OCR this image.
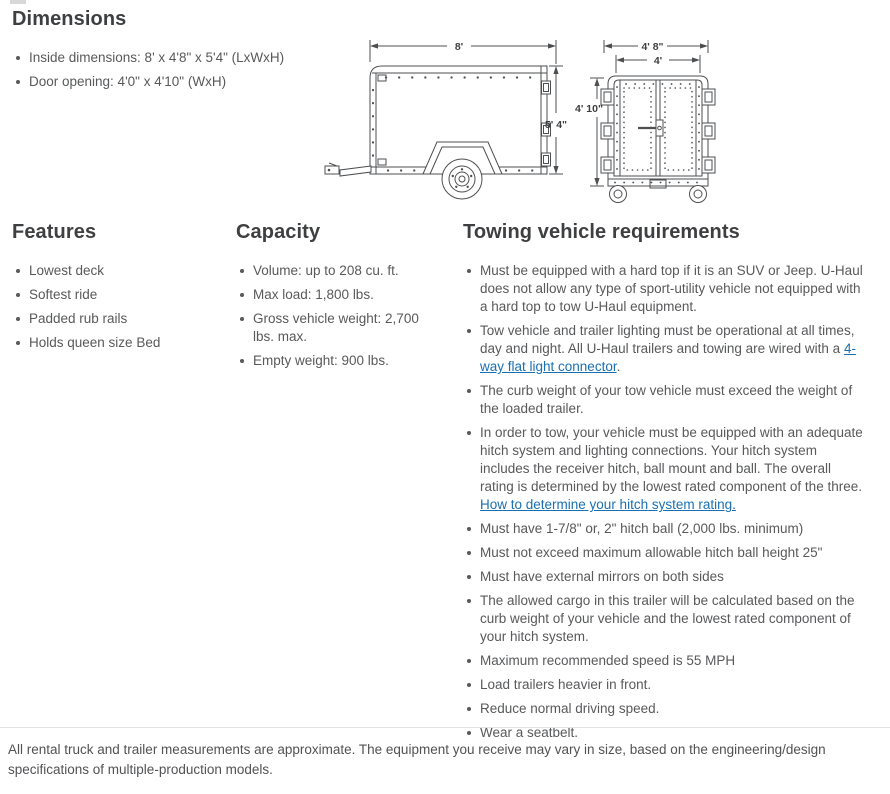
Dimensions
Inside dimensions: 8' x 4'8" x 5'4" (LxWxH)
Door opening: 4'0" x 4'10" (WxH)
8'
5' 4"
4' 8"
4'
4' 10"
Features	Capacity	Towing vehicle requirements
Lowest deck
Softest ride
Padded rub rails
Holds queen size Bed
Volume: up to 208 cu. ft.
Max load: 1,800 lbs.
Gross vehicle weight: 2,700 lbs. max.
Empty weight: 900 lbs.
Must be equipped with a hard top if it is an SUV or Jeep. U-Haul does not allow any type of sport-utility vehicle not equipped with a hard top to tow U-Haul equipment.
Tow vehicle and trailer lighting must be operational at all times, day and night. All U-Haul trailers and towing are wired with a 4-way flat light connector.
The curb weight of your tow vehicle must exceed the weight of the loaded trailer.
In order to tow, your vehicle must be equipped with an adequate hitch system and lighting connections. Your hitch system includes the receiver hitch, ball mount and ball. The overall rating is determined by the lowest rated component of the three. How to determine your hitch system rating.
Must have 1-7/8" or, 2" hitch ball (2,000 lbs. minimum)
Must not exceed maximum allowable hitch ball height 25"
Must have external mirrors on both sides
The allowed cargo in this trailer will be calculated based on the curb weight of your vehicle and the lowest rated component of your hitch system.
Maximum recommended speed is 55 MPH
Load trailers heavier in front.
Reduce normal driving speed.
Wear a seatbelt.
All rental truck and trailer measurements are approximate. The equipment you receive may vary in size, based on the engineering/design specifications of multiple-production models.
